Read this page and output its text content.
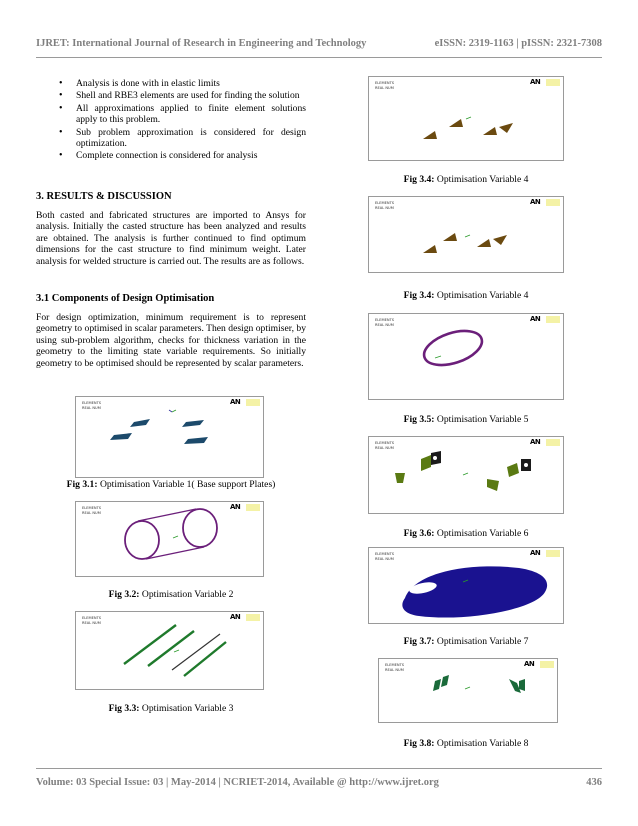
IJRET: International Journal of Research in Engineering and Technology	eISSN: 2319-1163 | pISSN: 2321-7308
• Analysis is done with in elastic limits
• Shell and RBE3 elements are used for finding the solution
• All approximations applied to finite element solutions apply to this problem.
• Sub problem approximation is considered for design optimization.
• Complete connection is considered for analysis
3. RESULTS & DISCUSSION
Both casted and fabricated structures are imported to Ansys for analysis. Initially the casted structure has been analyzed and results are obtained. The analysis is further continued to find optimum dimensions for the cast structure to find minimum weight. Later analysis for welded structure is carried out. The results are as follows.
3.1 Components of Design Optimisation
For design optimization, minimum requirement is to represent geometry to optimised in scalar parameters. Then design optimiser, by using sub-problem algorithm, checks for thickness variation in the geometry to the limiting state variable requirements. So initially geometry to be optimised should be represented by scalar parameters.
ELEMENTS
REAL NUM
AN
Fig 3.1: Optimisation Variable 1( Base support Plates)
ELEMENTS
REAL NUM
AN
Fig 3.2: Optimisation Variable 2
ELEMENTS
REAL NUM
AN
Fig 3.3: Optimisation Variable 3
ELEMENTS
REAL NUM
AN
Fig 3.4: Optimisation Variable 4
ELEMENTS
REAL NUM
AN
Fig 3.4: Optimisation Variable 4
ELEMENTS
REAL NUM
AN
Fig 3.5: Optimisation Variable 5
ELEMENTS
REAL NUM
AN
Fig 3.6: Optimisation Variable 6
ELEMENTS
REAL NUM
AN
Fig 3.7: Optimisation Variable 7
ELEMENTS
REAL NUM
AN
Fig 3.8: Optimisation Variable 8
Volume: 03 Special Issue: 03 | May-2014 | NCRIET-2014, Available @ http://www.ijret.org	436
